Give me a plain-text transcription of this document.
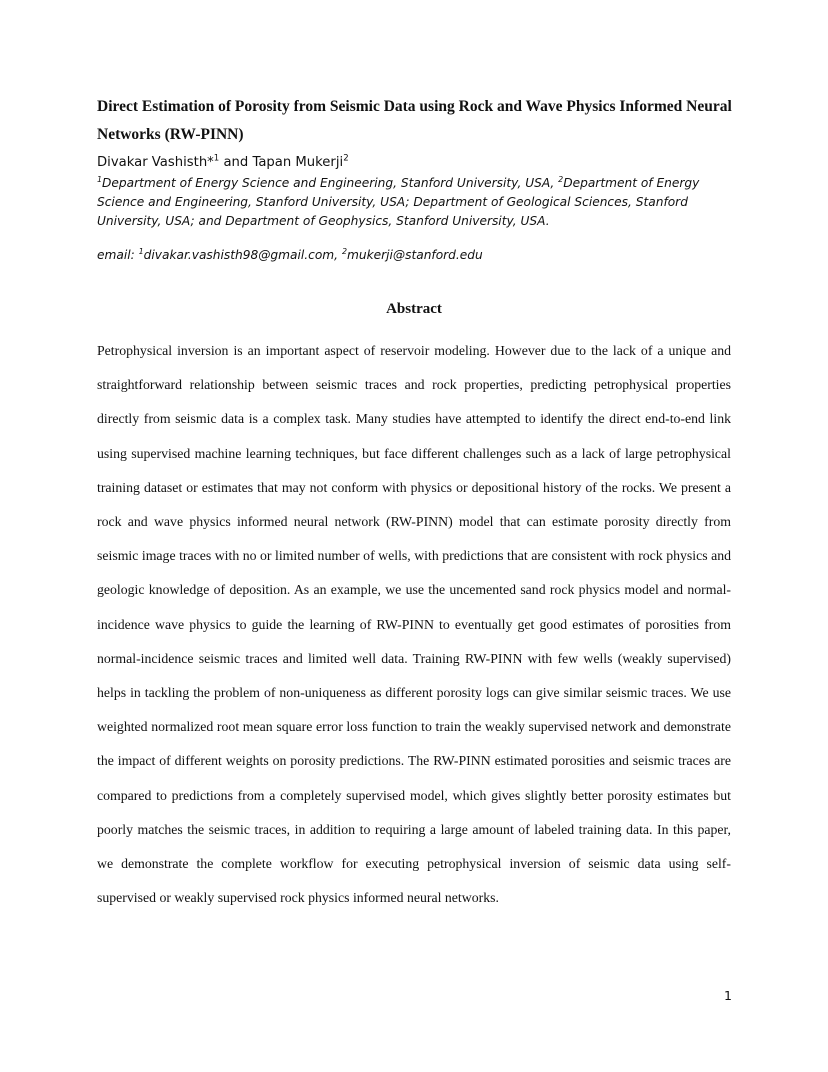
Direct Estimation of Porosity from Seismic Data using Rock and Wave Physics Informed Neural Networks (RW-PINN)
Divakar Vashisth*$^1$ and Tapan Mukerji$^2$
$^1$Department of Energy Science and Engineering, Stanford University, USA, $^2$Department of Energy Science and Engineering, Stanford University, USA; Department of Geological Sciences, Stanford University, USA; and Department of Geophysics, Stanford University, USA.
email: $^1$divakar.vashisth98@gmail.com, $^2$mukerji@stanford.edu
Abstract

Petrophysical inversion is an important aspect of reservoir modeling. However due to the lack of a unique and straightforward relationship between seismic traces and rock properties, predicting petrophysical properties directly from seismic data is a complex task. Many studies have attempted to identify the direct end-to-end link using supervised machine learning techniques, but face different challenges such as a lack of large petrophysical training dataset or estimates that may not conform with physics or depositional history of the rocks. We present a rock and wave physics informed neural network (RW-PINN) model that can estimate porosity directly from seismic image traces with no or limited number of wells, with predictions that are consistent with rock physics and geologic knowledge of deposition. As an example, we use the uncemented sand rock physics model and normal-incidence wave physics to guide the learning of RW-PINN to eventually get good estimates of porosities from normal-incidence seismic traces and limited well data. Training RW-PINN with few wells (weakly supervised) helps in tackling the problem of non-uniqueness as different porosity logs can give similar seismic traces. We use weighted normalized root mean square error loss function to train the weakly supervised network and demonstrate the impact of different weights on porosity predictions. The RW-PINN estimated porosities and seismic traces are compared to predictions from a completely supervised model, which gives slightly better porosity estimates but poorly matches the seismic traces, in addition to requiring a large amount of labeled training data. In this paper, we demonstrate the complete workflow for executing petrophysical inversion of seismic data using self-supervised or weakly supervised rock physics informed neural networks.

1
